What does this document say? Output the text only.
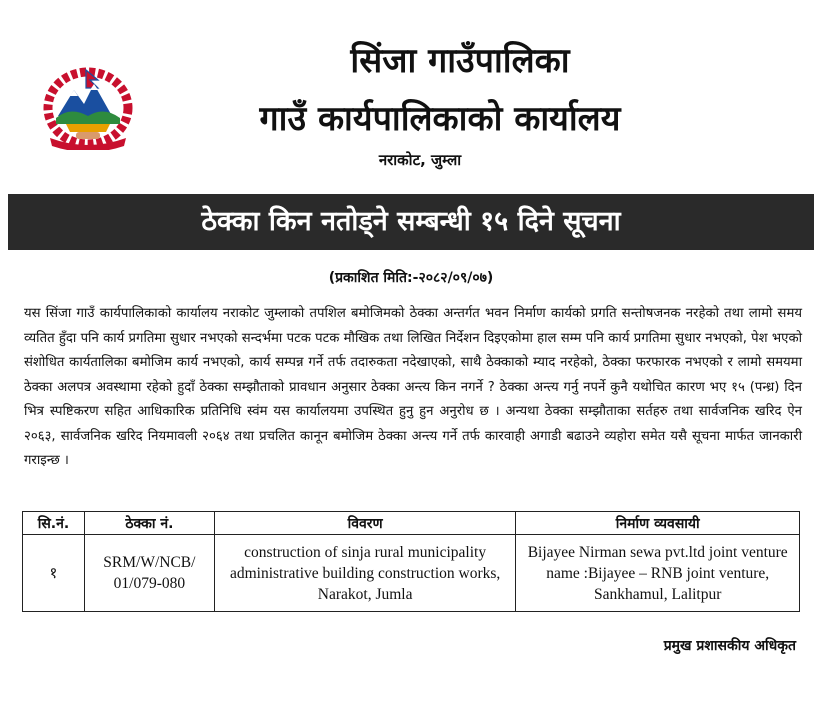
सिंजा गाउँपालिका
गाउँ कार्यपालिकाको कार्यालय
नराकोट, जुम्ला
ठेक्का किन नतोड्ने सम्बन्धी १५ दिने सूचना
(प्रकाशित मिति:-२०८२/०९/०७)
यस सिंजा गाउँ कार्यपालिकाको कार्यालय नराकोट जुम्लाको तपशिल बमोजिमको ठेक्का अन्तर्गत भवन निर्माण कार्यको प्रगति सन्तोषजनक नरहेको तथा लामो समय व्यतित हुँदा पनि कार्य प्रगतिमा सुधार नभएको सन्दर्भमा पटक पटक मौखिक तथा लिखित निर्देशन दिइएकोमा हाल सम्म पनि कार्य प्रगतिमा सुधार नभएको, पेश भएको संशोधित कार्यतालिका बमोजिम कार्य नभएको, कार्य सम्पन्न गर्ने तर्फ तदारुकता नदेखाएको, साथै ठेक्काको म्याद नरहेको, ठेक्का फरफारक नभएको र लामो समयमा ठेक्का अलपत्र अवस्थामा रहेको हुदाँ ठेक्का सम्झौताको प्रावधान अनुसार ठेक्का अन्त्य किन नगर्ने ? ठेक्का अन्त्य गर्नु नपर्ने कुनै यथोचित कारण भए १५ (पन्ध्र) दिन भित्र स्पष्टिकरण सहित आधिकारिक प्रतिनिधि स्वंम यस कार्यालयमा उपस्थित हुनु हुन अनुरोध छ । अन्यथा ठेक्का सम्झौताका सर्तहरु तथा सार्वजनिक खरिद ऐन २०६३, सार्वजनिक खरिद नियमावली २०६४ तथा प्रचलित कानून बमोजिम ठेक्का अन्त्य गर्ने तर्फ कारवाही अगाडी बढाउने व्यहोरा समेत यसै सूचना मार्फत जानकारी गराइन्छ ।
सि.नं.	ठेक्का नं.	विवरण	निर्माण व्यवसायी
१	SRM/W/NCB/ 01/079-080	construction of sinja rural municipality administrative building construction works, Narakot, Jumla	Bijayee Nirman sewa pvt.ltd joint venture name :Bijayee – RNB joint venture, Sankhamul, Lalitpur
प्रमुख प्रशासकीय अधिकृत
